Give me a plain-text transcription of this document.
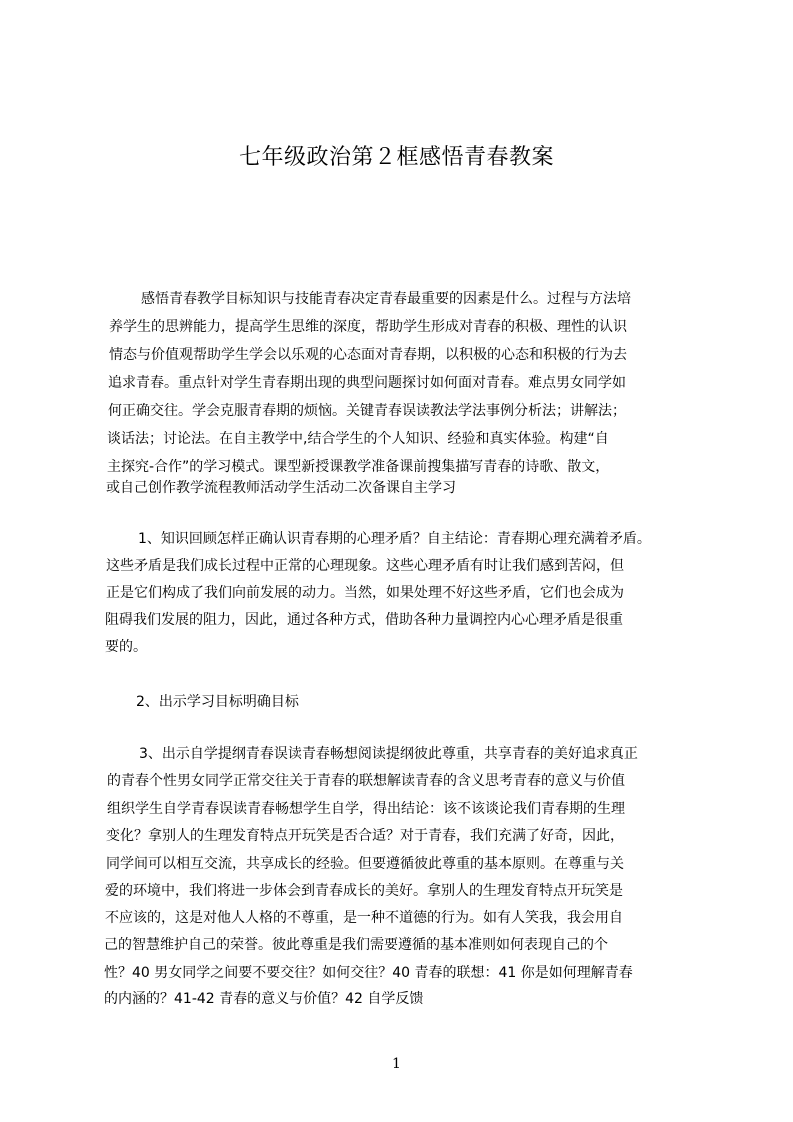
七年级政治第２框感悟青春教案

感悟青春教学目标知识与技能青春决定青春最重要的因素是什么。过程与方法培

养学生的思辨能力，提高学生思维的深度，帮助学生形成对青春的积极、理性的认识

情态与价值观帮助学生学会以乐观的心态面对青春期，以积极的心态和积极的行为去

追求青春。重点针对学生青春期出现的典型问题探讨如何面对青春。难点男女同学如

何正确交往。学会克服青春期的烦恼。关键青春误读教法学法事例分析法；讲解法；

谈话法；讨论法。在自主教学中,结合学生的个人知识、经验和真实体验。构建“自

主探究-合作”的学习模式。课型新授课教学准备课前搜集描写青春的诗歌、散文，

或自己创作教学流程教师活动学生活动二次备课自主学习

1、知识回顾怎样正确认识青春期的心理矛盾？自主结论：青春期心理充满着矛盾。

这些矛盾是我们成长过程中正常的心理现象。这些心理矛盾有时让我们感到苦闷，但

正是它们构成了我们向前发展的动力。当然，如果处理不好这些矛盾，它们也会成为

阻碍我们发展的阻力，因此，通过各种方式，借助各种力量调控内心心理矛盾是很重

要的。

2、出示学习目标明确目标

3、出示自学提纲青春误读青春畅想阅读提纲彼此尊重，共享青春的美好追求真正

的青春个性男女同学正常交往关于青春的联想解读青春的含义思考青春的意义与价值

组织学生自学青春误读青春畅想学生自学，得出结论：该不该谈论我们青春期的生理

变化？拿别人的生理发育特点开玩笑是否合适？对于青春，我们充满了好奇，因此，

同学间可以相互交流，共享成长的经验。但要遵循彼此尊重的基本原则。在尊重与关

爱的环境中，我们将进一步体会到青春成长的美好。拿别人的生理发育特点开玩笑是

不应该的，这是对他人人格的不尊重，是一种不道德的行为。如有人笑我，我会用自

己的智慧维护自己的荣誉。彼此尊重是我们需要遵循的基本准则如何表现自己的个

性？40 男女同学之间要不要交往？如何交往？40 青春的联想：41 你是如何理解青春

的内涵的？41-42 青春的意义与价值？42 自学反馈

1
